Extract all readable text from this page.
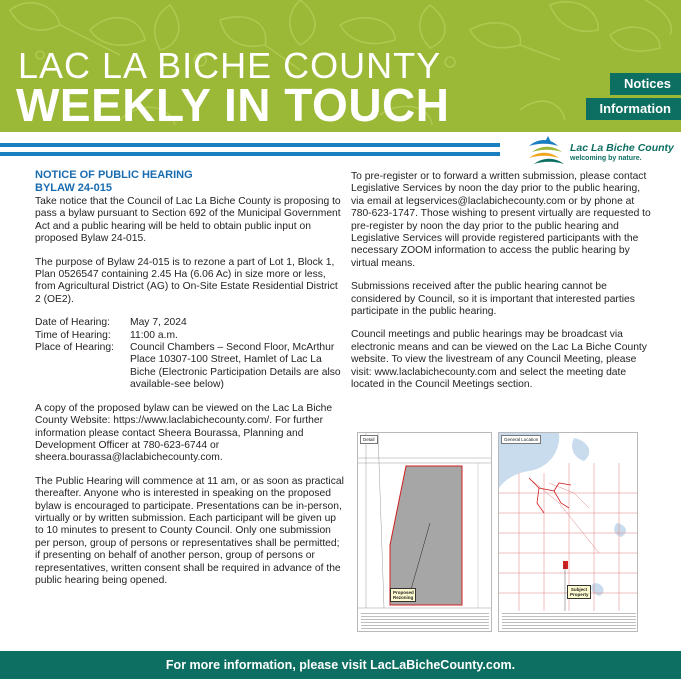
LAC LA BICHE COUNTY
WEEKLY IN TOUCH	Notices
Information
Lac La Biche County
welcoming by nature.
NOTICE OF PUBLIC HEARING
BYLAW 24-015

Take notice that the Council of Lac La Biche County is proposing to pass a bylaw pursuant to Section 692 of the Municipal Government Act and a public hearing will be held to obtain public input on proposed Bylaw 24-015.

The purpose of Bylaw 24-015 is to rezone a part of Lot 1, Block 1, Plan 0526547 containing 2.45 Ha (6.06 Ac) in size more or less, from Agricultural District (AG) to On-Site Estate Residential District 2 (OE2).

Date of Hearing:	May 7, 2024
Time of Hearing:	11:00 a.m.
Place of Hearing:	Council Chambers – Second Floor, McArthur Place 10307-100 Street, Hamlet of Lac La Biche (Electronic Participation Details are also available-see below)

A copy of the proposed bylaw can be viewed on the Lac La Biche County Website: https://www.laclabichecounty.com/. For further information please contact Sheera Bourassa, Planning and Development Officer at 780-623-6744 or sheera.bourassa@laclabichecounty.com.

The Public Hearing will commence at 11 am, or as soon as practical thereafter. Anyone who is interested in speaking on the proposed bylaw is encouraged to participate. Presentations can be in-person, virtually or by written submission. Each participant will be given up to 10 minutes to present to County Council. Only one submission per person, group of persons or representatives shall be permitted; if presenting on behalf of another person, group of persons or representatives, written consent shall be required in advance of the public hearing being opened.

To pre-register or to forward a written submission, please contact Legislative Services by noon the day prior to the public hearing, via email at legservices@laclabichecounty.com or by phone at 780-623-1747. Those wishing to present virtually are requested to pre-register by noon the day prior to the public hearing and Legislative Services will provide registered participants with the necessary ZOOM information to access the public hearing by virtual means.

Submissions received after the public hearing cannot be considered by Council, so it is important that interested parties participate in the public hearing.

Council meetings and public hearings may be broadcast via electronic means and can be viewed on the Lac La Biche County website. To view the livestream of any Council Meeting, please visit: www.laclabichecounty.com and select the meeting date located in the Council Meetings section.

Detail
Proposed Rezoning
General Location
Subject Property
For more information, please visit LacLaBicheCounty.com.
